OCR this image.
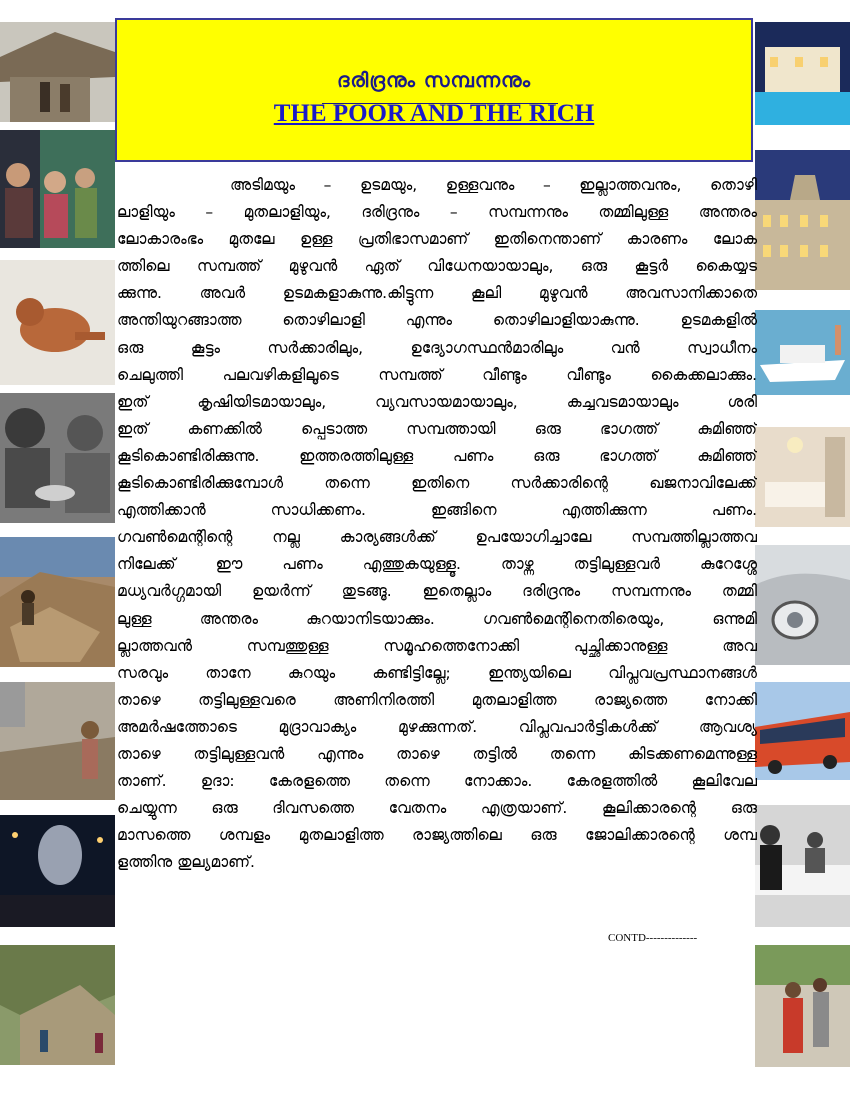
ദരിദ്രനും സമ്പന്നനും
THE POOR AND THE RICH
അടിമയും – ഉടമയും, ഉള്ളവനും – ഇല്ലാത്തവനും, തൊഴി
ലാളിയും – മുതലാളിയും, ദരിദ്രനും – സമ്പന്നനും തമ്മിലുള്ള അന്തരം
ലോകാരംഭം മുതലേ ഉള്ള പ്രതിഭാസമാണ് ഇതിനെന്താണ് കാരണം ലോക
ത്തിലെ സമ്പത്ത് മുഴുവൻ ഏത് വിധേനയായാലും, ഒരു കൂട്ടർ കൈയ്യട
ക്കുന്നു. അവർ ഉടമകളാകുന്നു.കിട്ടുന്ന കൂലി മുഴുവൻ അവസാനിക്കാതെ
അന്തിയുറങ്ങാത്ത തൊഴിലാളി എന്നും തൊഴിലാളിയാകുന്നു. ഉടമകളിൽ
ഒരു കൂട്ടം സർക്കാരിലും, ഉദ്യോഗസ്ഥൻമാരിലും വൻ സ്വാധീനം
ചെലുത്തി പലവഴികളിലൂടെ സമ്പത്ത് വീണ്ടും വീണ്ടും കൈക്കലാക്കും.
ഇത് കൃഷിയിടമായാലും, വ്യവസായമായാലും, കച്ചവടമായാലും ശരി
ഇത് കണക്കിൽ പ്പെടാത്ത സമ്പത്തായി ഒരു ഭാഗത്ത് കുമിഞ്ഞ്
കൂടികൊണ്ടിരിക്കുന്നു. ഇത്തരത്തിലുള്ള പണം ഒരു ഭാഗത്ത് കുമിഞ്ഞ്
കൂടികൊണ്ടിരിക്കുമ്പോൾ തന്നെ ഇതിനെ സർക്കാരിന്റെ ഖജനാവിലേക്ക്
എത്തിക്കാൻ സാധിക്കണം. ഇങ്ങിനെ എത്തിക്കുന്ന പണം.
ഗവൺമെന്റിന്റെ നല്ല കാര്യങ്ങൾക്ക് ഉപയോഗിച്ചാലേ സമ്പത്തില്ലാത്തവ
നിലേക്ക് ഈ പണം എത്തുകയുള്ളൂ. താഴ്ന്ന തട്ടിലുള്ളവർ കുറേശ്ശേ
മധ്യവർഗ്ഗമായി ഉയർന്ന് തുടങ്ങൂ. ഇതെല്ലാം ദരിദ്രനും സമ്പന്നനും തമ്മി
ലുള്ള അന്തരം കുറയാനിടയാക്കും. ഗവൺമെന്റിനെതിരെയും, ഒന്നുമി
ല്ലാത്തവൻ സമ്പത്തുള്ള സമൂഹത്തെനോക്കി പുച്ഛിക്കാനുള്ള അവ
സരവും താനേ കുറയും കണ്ടിട്ടില്ലേ; ഇന്ത്യയിലെ വിപ്ലവപ്രസ്ഥാനങ്ങൾ
താഴെ തട്ടിലുള്ളവരെ അണിനിരത്തി മുതലാളിത്ത രാജ്യത്തെ നോക്കി
അമർഷത്തോടെ മുദ്രാവാക്യം മുഴക്കുന്നത്. വിപ്ലവപാർട്ടികൾക്ക് ആവശ്യ
താഴെ തട്ടിലുള്ളവൻ എന്നും താഴെ തട്ടിൽ തന്നെ കിടക്കണമെന്നുള്ള
താണ്. ഉദാ: കേരളത്തെ തന്നെ നോക്കാം. കേരളത്തിൽ കൂലിവേല
ചെയ്യുന്ന ഒരു ദിവസത്തെ വേതനം എത്രയാണ്. കൂലിക്കാരന്റെ ഒരു
മാസത്തെ ശമ്പളം മുതലാളിത്ത രാജ്യത്തിലെ ഒരു ജോലിക്കാരന്റെ ശമ്പ
ളത്തിനു തുല്യമാണ്.
CONTD--------------
